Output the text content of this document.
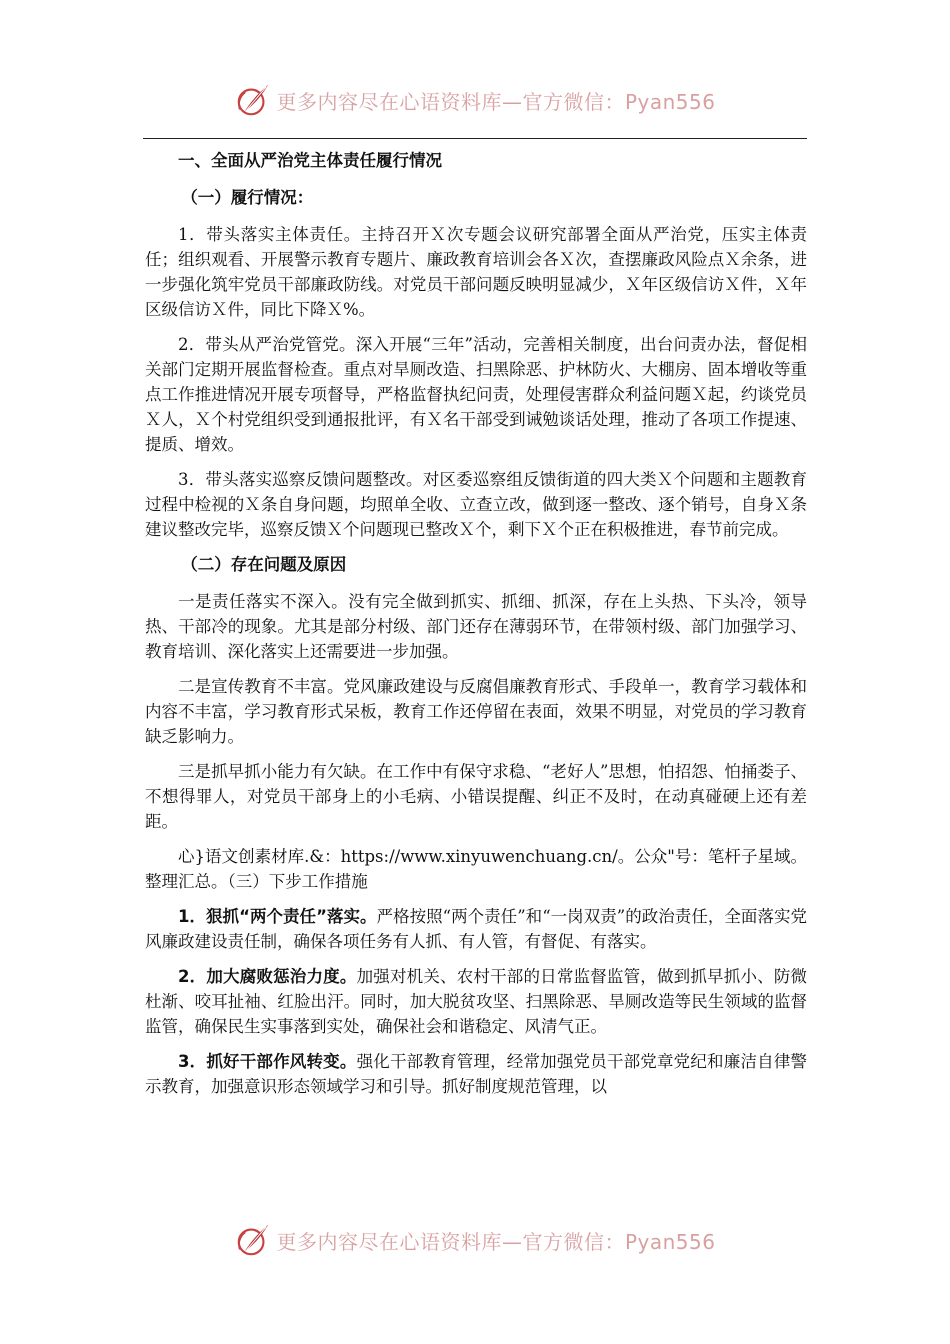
更多内容尽在心语资料库—官方微信：Pyan556
一、全面从严治党主体责任履行情况
（一）履行情况：

1．带头落实主体责任。主持召开Ｘ次专题会议研究部署全面从严治党，压实主体责任；组织观看、开展警示教育专题片、廉政教育培训会各Ｘ次，查摆廉政风险点Ｘ余条，进一步强化筑牢党员干部廉政防线。对党员干部问题反映明显减少，Ｘ年区级信访Ｘ件，Ｘ年区级信访Ｘ件，同比下降Ｘ%。

2．带头从严治党管党。深入开展“三年”活动，完善相关制度，出台问责办法，督促相关部门定期开展监督检查。重点对旱厕改造、扫黑除恶、护林防火、大棚房、固本增收等重点工作推进情况开展专项督导，严格监督执纪问责，处理侵害群众利益问题Ｘ起，约谈党员Ｘ人，Ｘ个村党组织受到通报批评，有Ｘ名干部受到诫勉谈话处理，推动了各项工作提速、提质、增效。

3．带头落实巡察反馈问题整改。对区委巡察组反馈街道的四大类Ｘ个问题和主题教育过程中检视的Ｘ条自身问题，均照单全收、立查立改，做到逐一整改、逐个销号，自身Ｘ条建议整改完毕，巡察反馈Ｘ个问题现已整改Ｘ个，剩下Ｘ个正在积极推进，春节前完成。

（二）存在问题及原因

一是责任落实不深入。没有完全做到抓实、抓细、抓深，存在上头热、下头冷，领导热、干部冷的现象。尤其是部分村级、部门还存在薄弱环节，在带领村级、部门加强学习、教育培训、深化落实上还需要进一步加强。

二是宣传教育不丰富。党风廉政建设与反腐倡廉教育形式、手段单一，教育学习载体和内容不丰富，学习教育形式呆板，教育工作还停留在表面，效果不明显，对党员的学习教育缺乏影响力。

三是抓早抓小能力有欠缺。在工作中有保守求稳、“老好人”思想，怕招怨、怕捅娄子、不想得罪人，对党员干部身上的小毛病、小错误提醒、纠正不及时，在动真碰硬上还有差距。

心}语文创素材库.&：https://www.xinyuwenchuang.cn/。公众"号：笔杆子星域。整理汇总。（三）下步工作措施

1．狠抓“两个责任”落实。严格按照“两个责任”和“一岗双责”的政治责任，全面落实党风廉政建设责任制，确保各项任务有人抓、有人管，有督促、有落实。

2．加大腐败惩治力度。加强对机关、农村干部的日常监督监管，做到抓早抓小、防微杜渐、咬耳扯袖、红脸出汗。同时，加大脱贫攻坚、扫黑除恶、旱厕改造等民生领域的监督监管，确保民生实事落到实处，确保社会和谐稳定、风清气正。

3．抓好干部作风转变。强化干部教育管理，经常加强党员干部党章党纪和廉洁自律警示教育，加强意识形态领域学习和引导。抓好制度规范管理，以

更多内容尽在心语资料库—官方微信：Pyan556
